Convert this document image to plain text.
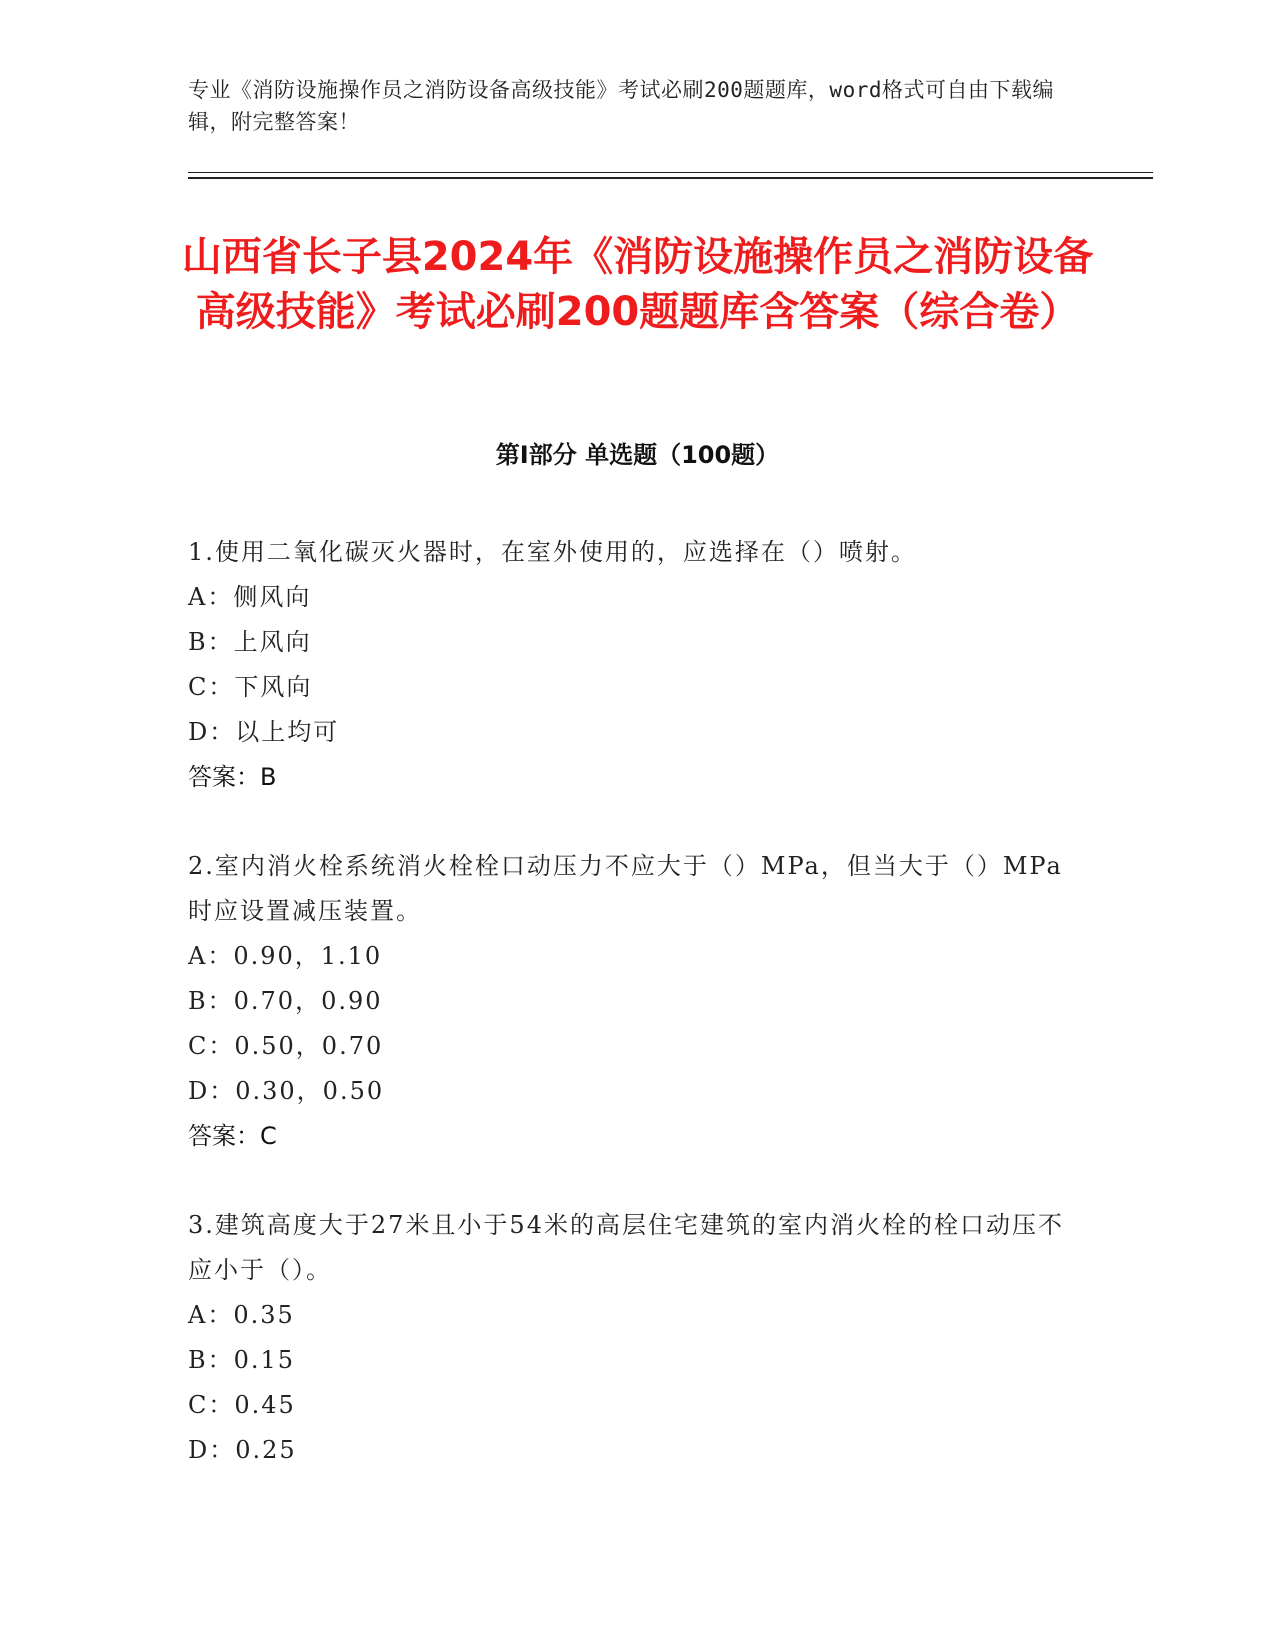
专业《消防设施操作员之消防设备高级技能》考试必刷200题题库，word格式可自由下载编辑，附完整答案！
山西省长子县2024年《消防设施操作员之消防设备高级技能》考试必刷200题题库含答案（综合卷）
第Ⅰ部分 单选题（100题）
1.使用二氧化碳灭火器时，在室外使用的，应选择在（）喷射。
A：侧风向
B：上风向
C：下风向
D：以上均可
答案：B
2.室内消火栓系统消火栓栓口动压力不应大于（）MPa，但当大于（）MPa时应设置减压装置。
A：0.90，1.10
B：0.70，0.90
C：0.50，0.70
D：0.30，0.50
答案：C
3.建筑高度大于27米且小于54米的高层住宅建筑的室内消火栓的栓口动压不应小于（）。
A：0.35
B：0.15
C：0.45
D：0.25
